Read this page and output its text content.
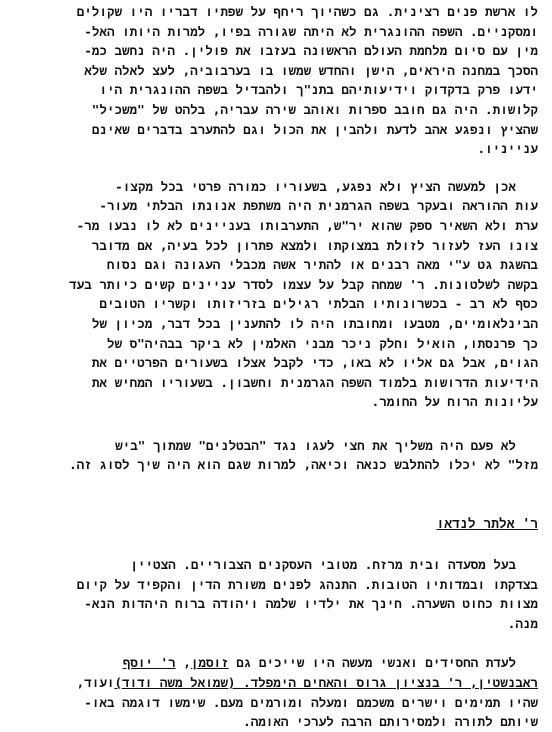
לו ארשת פנים רצינית. גם כשהיוך ריחף על שפתיו דבריו היו שקולים
ומסקניים. השפה ההונגרית לא היתה שגורה בפיו, למרות היותו האל-
מין עם סיום מלחמת העולם הראשונה בעזבו את פולין. היה נחשב כמ-
הסכך במחנה היראים, הישן והחדש שמשו בו בערבוביה, לעצ לאלה שלא
ידעו פרק בדקדוק וידיעותיהם בתנ"ך ולהבדיל בשפה ההונגרית היו
קלושות. היה גם חובב ספרות ואוהב שירה עבריה, בלהט של "משכיל"
שהציץ ונפגע אהב לדעת ולהבין את הכול וגם להתערב בדברים שאינם
ענייניו.

אכן למעשה הציץ ולא נפגע, בשעוריו כמורה פרטי בכל מקצו-
עות ההוראה ובעקר בשפה הגרמנית היה משתפת אנונתו הבלתי מעור-
ערת ולא השאיר ספק שהוא יר"ש, התערבותו בעניינים לא לו נבעו מר-
צונו העז לעזור לזולת במצוקתו ולמצא פתרון לכל בעיה, אם מדובר
בהשגת גט ע"י מאה רבנים או להתיר אשה מכבלי העגונה וגם נסוח
בקשה לשלטונות. ר' שמחה קבל על עצמו לסדר עניינים קשים כיותר בעד
כסף לא רב - בכשרונותיו הבלתי רגילים בזריזותו וקשריו הטובים
הבינלאומיים, מטבעו ומחובתו היה לו להתענין בכל דבר, מכיון של
כך פרנסתו, הואיל וחלק ניכר מבני האלמין לא ביקר בבהיה"ס של
הגוים, אבל גם אליו לא באו, כדי לקבל אצלו בשעורים הפרטיים את
הידיעות הדרושות בלמוד השפה הגרמנית וחשבון. בשעוריו המחיש את
עליונות הרוח על החומר.

לא פעם היה משליך את חצי לעגו נגד "הבטלנים" שמתוך "ביש
מזל" לא יכלו להתלבש כנאה וכיאה, למרות שגם הוא היה שיך לסוג זה.

ר' אלתר לנדאו

בעל מסעדה ובית מרזח. מטובי העסקנים הצבוריים. הצטיין
בצדקתו ובמדותיו הטובות. התנהג לפנים משורת הדין והקפיד על קיום
מצוות כחוט השערה. חינך את ילדיו שלמה ויהודה ברוח היהדות הנא-
מנה.

לעדת החסידים ואנשי מעשה היו שייכים גם זוסמן, ר' יוסף
ראבנשטין, ר' בנציון גרוס והאחים הימפלד. (שמואל משה ודוד)ועוד,
שהיו תמימים וישרים משכמם ומעלה ומורמים מעם. שימשו דוגמה באו-
שיותם לתורה ולמסירותם הרבה לערכי האומה.
